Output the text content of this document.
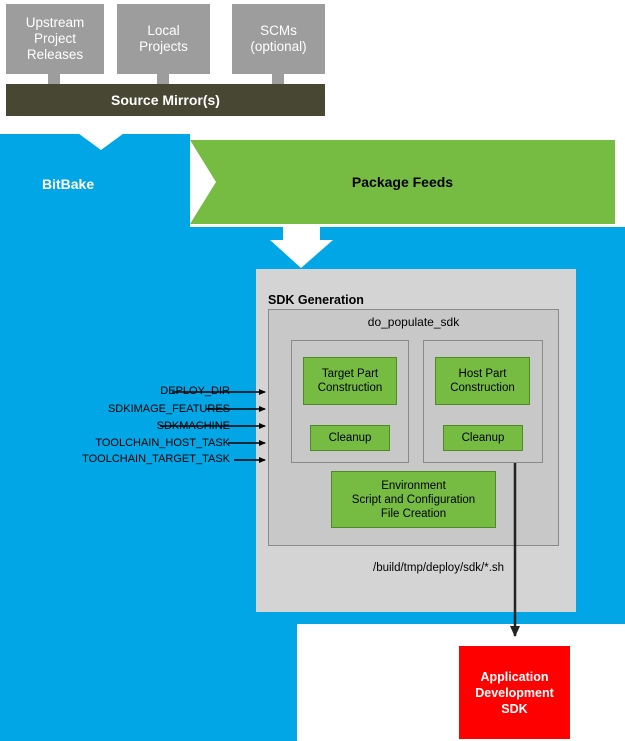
Package Feeds
BitBake
Upstream
Project
Releases
Local
Projects
SCMs
(optional)
Source Mirror(s)
SDK Generation
do_populate_sdk
Target Part
Construction
Cleanup
Host Part
Construction
Cleanup
Environment
Script and Configuration
File Creation
/build/tmp/deploy/sdk/*.sh
DEPLOY_DIR
SDKIMAGE_FEATURES
SDKMACHINE
TOOLCHAIN_HOST_TASK
TOOLCHAIN_TARGET_TASK
Application
Development
SDK
